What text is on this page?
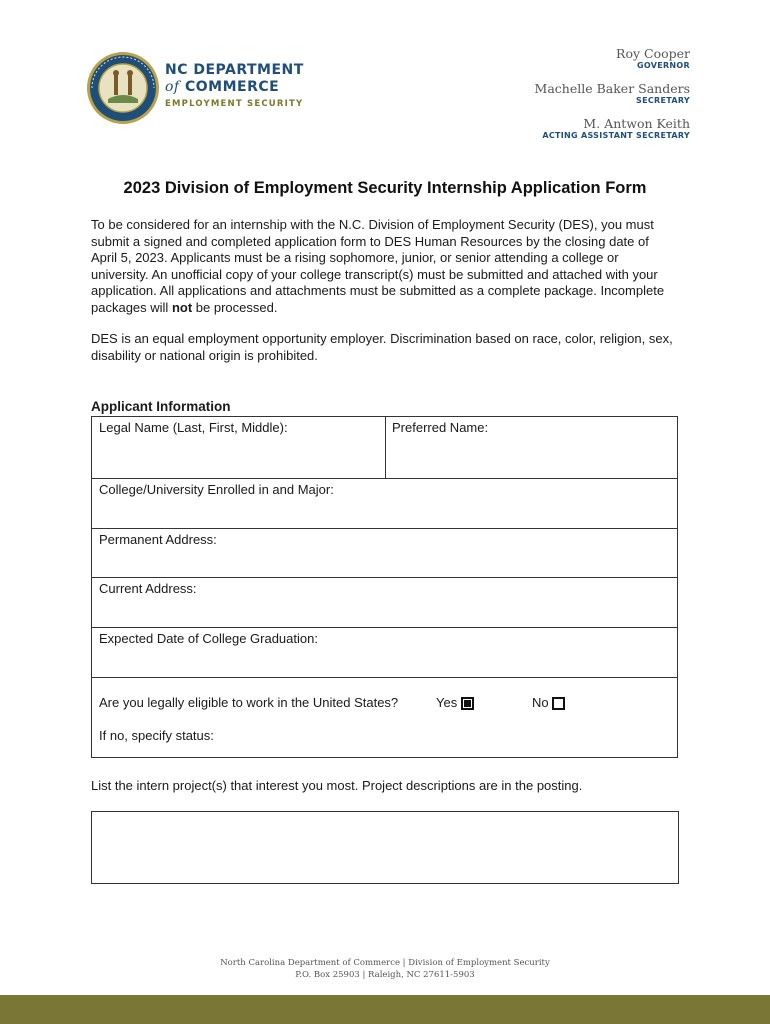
NC DEPARTMENT
of COMMERCE
EMPLOYMENT SECURITY
Roy Cooper
GOVERNOR
Machelle Baker Sanders
SECRETARY
M. Antwon Keith
ACTING ASSISTANT SECRETARY
2023 Division of Employment Security Internship Application Form
To be considered for an internship with the N.C. Division of Employment Security (DES), you must submit a signed and completed application form to DES Human Resources by the closing date of April 5, 2023. Applicants must be a rising sophomore, junior, or senior attending a college or university. An unofficial copy of your college transcript(s) must be submitted and attached with your application. All applications and attachments must be submitted as a complete package. Incomplete packages will not be processed.
DES is an equal employment opportunity employer. Discrimination based on race, color, religion, sex, disability or national origin is prohibited.
Applicant Information
Legal Name (Last, First, Middle):	Preferred Name:
College/University Enrolled in and Major:
Permanent Address:
Current Address:
Expected Date of College Graduation:
Are you legally eligible to work in the United States?	Yes	No
If no, specify status:
List the intern project(s) that interest you most. Project descriptions are in the posting.
North Carolina Department of Commerce | Division of Employment Security
P.O. Box 25903 | Raleigh, NC 27611-5903
